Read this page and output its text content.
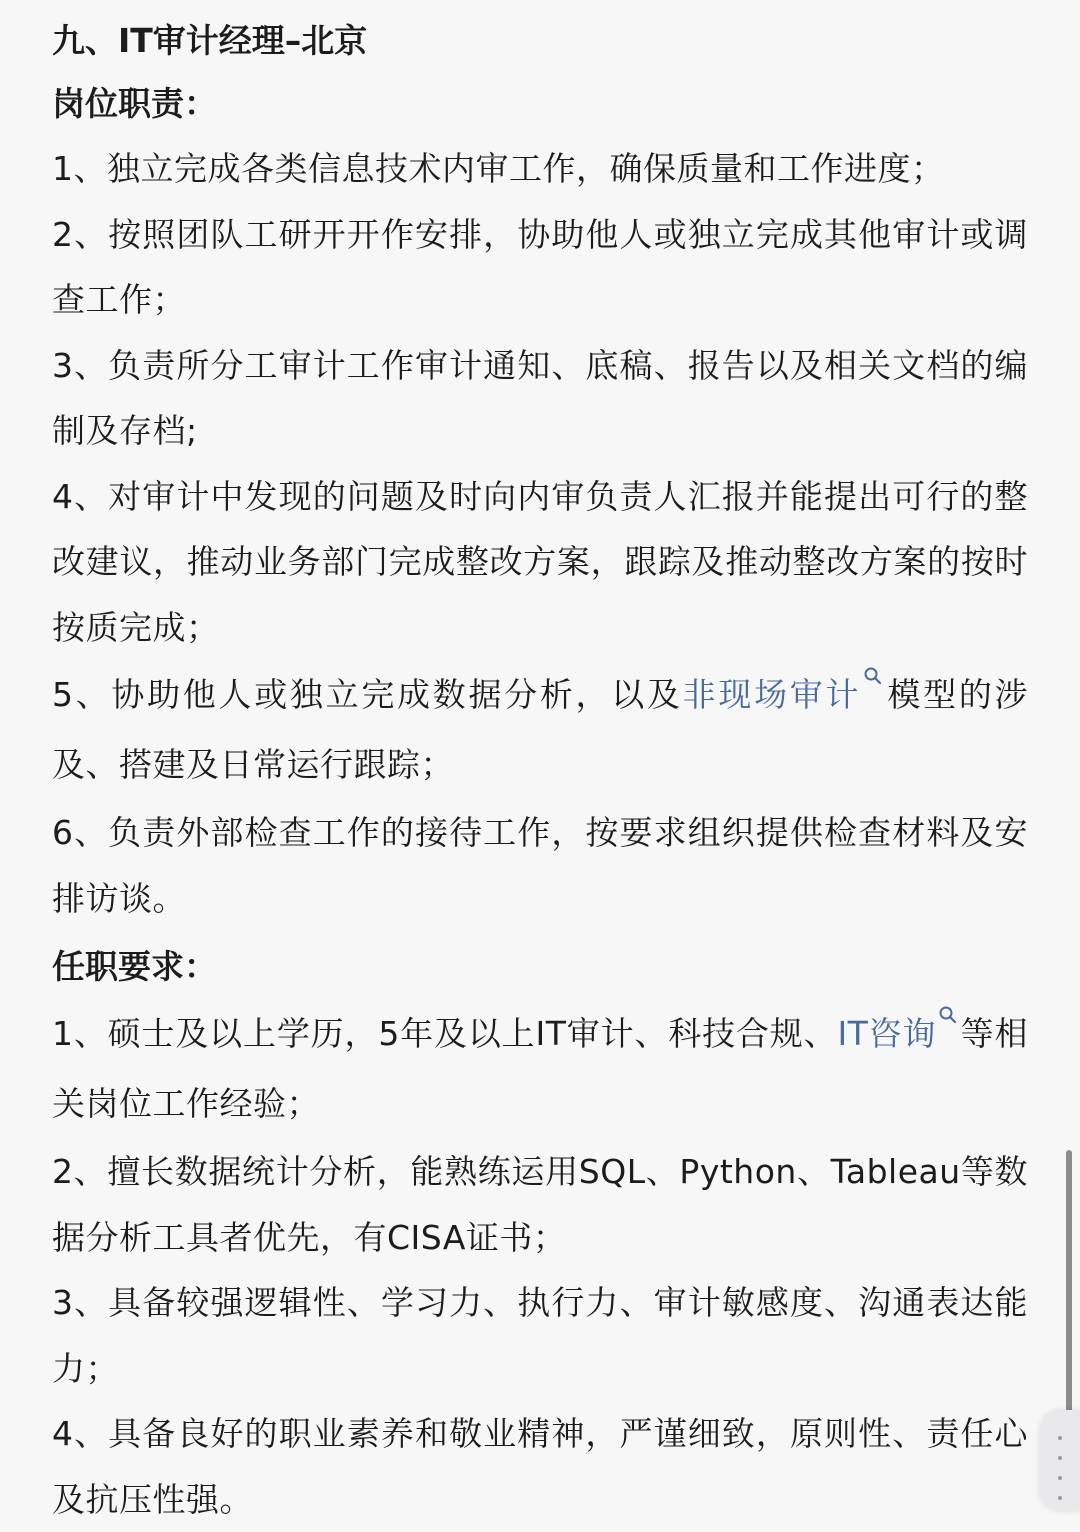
九、IT审计经理–北京
岗位职责：
1、独立完成各类信息技术内审工作，确保质量和工作进度；
2、按照团队工研开开作安排，协助他人或独立完成其他审计或调查工作；
3、负责所分工审计工作审计通知、底稿、报告以及相关文档的编制及存档;
4、对审计中发现的问题及时向内审负责人汇报并能提出可行的整改建议，推动业务部门完成整改方案，跟踪及推动整改方案的按时按质完成；
5、协助他人或独立完成数据分析，以及非现场审计 模型的涉及、搭建及日常运行跟踪；
6、负责外部检查工作的接待工作，按要求组织提供检查材料及安排访谈。
任职要求：
1、硕士及以上学历，5年及以上IT审计、科技合规、IT咨询 等相关岗位工作经验；
2、擅长数据统计分析，能熟练运用SQL、Python、Tableau等数据分析工具者优先，有CISA证书；
3、具备较强逻辑性、学习力、执行力、审计敏感度、沟通表达能力；
4、具备良好的职业素养和敬业精神，严谨细致，原则性、责任心及抗压性强。
